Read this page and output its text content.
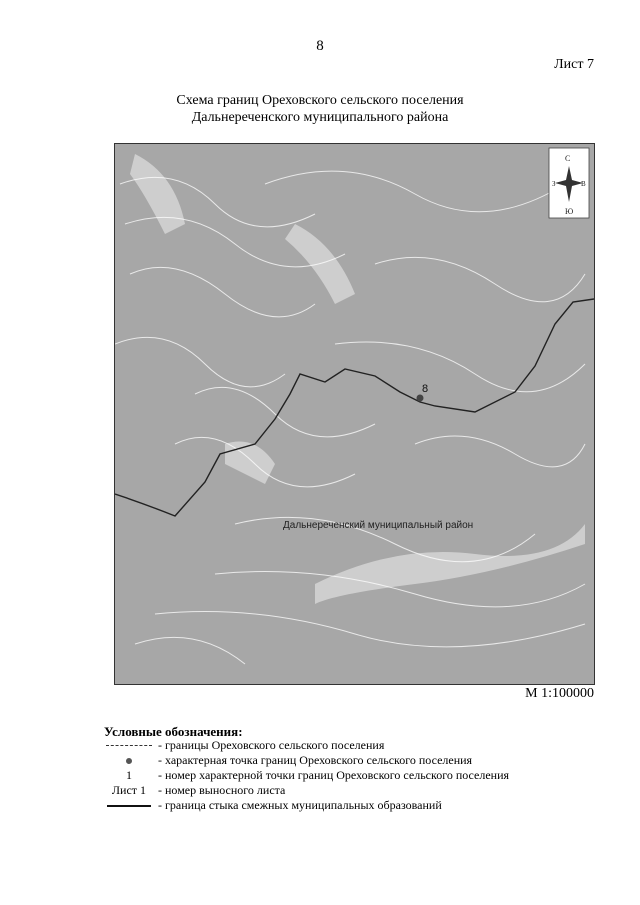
8
Лист 7
Схема границ Ореховского сельского поселения
Дальнереченского муниципального района
8
Дальнереченский муниципальный район
С
Ю
З	В
М 1:100000
Условные обозначения:
- границы Ореховского сельского поселения
- характерная точка границ Ореховского сельского поселения
1	- номер характерной точки границ Ореховского сельского поселения
Лист 1 - номер выносного листа
- граница стыка смежных муниципальных образований
